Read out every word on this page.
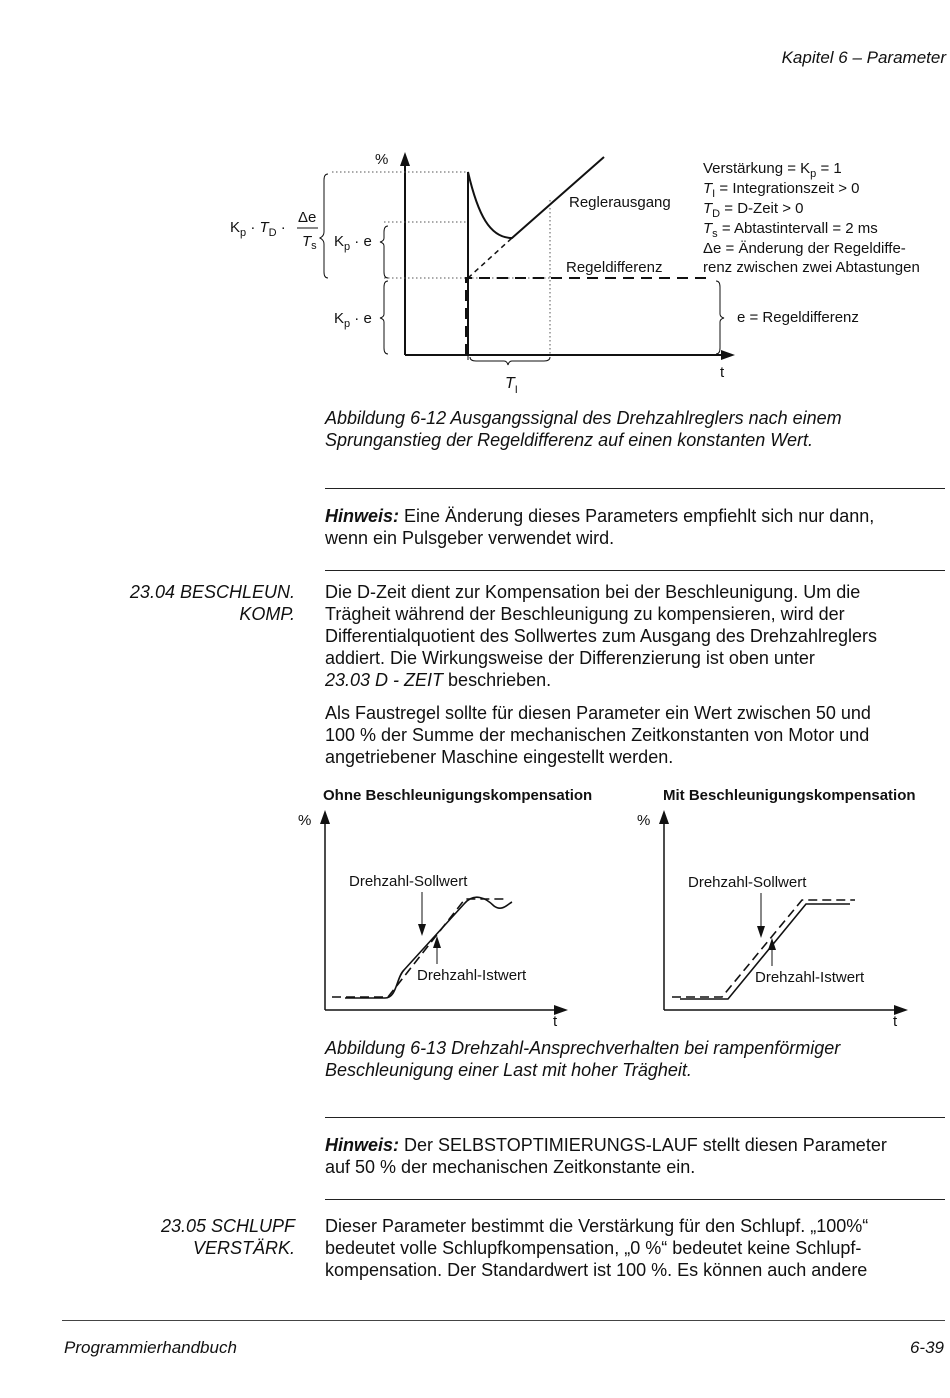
Kapitel 6 – Parameter
%
t
$K_p \cdot T_D$ ·
Δe
$T_s$ $K_p \cdot e$
$K_p \cdot e$
$T_I$
Reglerausgang
Regeldifferenz
Verstärkung = $K_p = 1$
$T_I$ = Integrationszeit > 0
$T_D$ = D-Zeit > 0
$T_s$ = Abtastintervall = 2 ms
Δe = Änderung der Regeldiffe-
renz zwischen zwei Abtastungen
e = Regeldifferenz
Abbildung 6-12 Ausgangssignal des Drehzahlreglers nach einem
Sprunganstieg der Regeldifferenz auf einen konstanten Wert.
Hinweis: Eine Änderung dieses Parameters empfiehlt sich nur dann,
wenn ein Pulsgeber verwendet wird.
23.04 BESCHLEUN.
KOMP.
Die D-Zeit dient zur Kompensation bei der Beschleunigung. Um die
Trägheit während der Beschleunigung zu kompensieren, wird der
Differentialquotient des Sollwertes zum Ausgang des Drehzahlreglers
addiert. Die Wirkungsweise der Differenzierung ist oben unter
23.03 D - ZEIT beschrieben.
Als Faustregel sollte für diesen Parameter ein Wert zwischen 50 und
100 % der Summe der mechanischen Zeitkonstanten von Motor und
angetriebener Maschine eingestellt werden.
Ohne Beschleunigungskompensation	Mit Beschleunigungskompensation
%
t
Drehzahl-Sollwert
Drehzahl-Istwert
%
t
Drehzahl-Sollwert
Drehzahl-Istwert
Abbildung 6-13 Drehzahl-Ansprechverhalten bei rampenförmiger
Beschleunigung einer Last mit hoher Trägheit.
Hinweis: Der SELBSTOPTIMIERUNGS-LAUF stellt diesen Parameter
auf 50 % der mechanischen Zeitkonstante ein.
23.05 SCHLUPF
VERSTÄRK.
Dieser Parameter bestimmt die Verstärkung für den Schlupf. „100%“
bedeutet volle Schlupfkompensation, „0 %“ bedeutet keine Schlupf-
kompensation. Der Standardwert ist 100 %. Es können auch andere
Programmierhandbuch	6-39
